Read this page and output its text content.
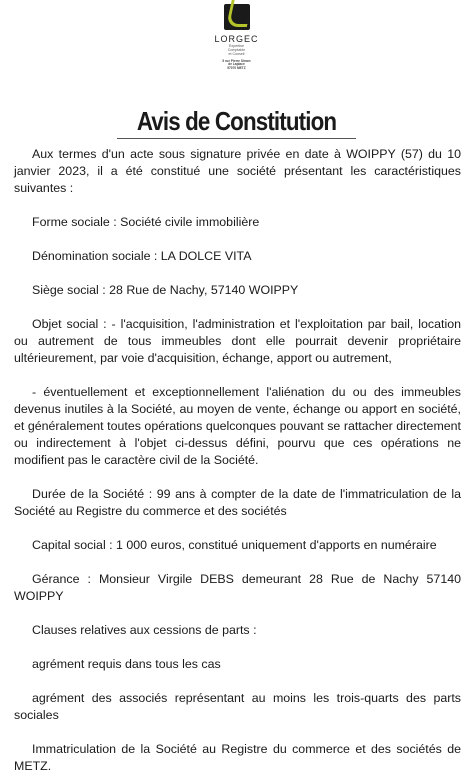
LORGEC
Expertise
Comptable
et Conseil
5 rue Pierre Simon
de Laplace
57070 METZ
Avis de Constitution

Aux termes d'un acte sous signature privée en date à WOIPPY (57) du 10 janvier 2023, il a été constitué une société présentant les caractéristiques suivantes :

Forme sociale : Société civile immobilière

Dénomination sociale : LA DOLCE VITA

Siège social : 28 Rue de Nachy, 57140 WOIPPY

Objet social : - l'acquisition, l'administration et l'exploitation par bail, location ou autrement de tous immeubles dont elle pourrait devenir propriétaire ultérieurement, par voie d'acquisition, échange, apport ou autrement,

- éventuellement et exceptionnellement l'aliénation du ou des immeubles devenus inutiles à la Société, au moyen de vente, échange ou apport en société, et généralement toutes opérations quelconques pouvant se rattacher directement ou indirectement à l'objet ci-dessus défini, pourvu que ces opérations ne modifient pas le caractère civil de la Société.

Durée de la Société : 99 ans à compter de la date de l'immatriculation de la Société au Registre du commerce et des sociétés

Capital social : 1 000 euros, constitué uniquement d'apports en numéraire

Gérance : Monsieur Virgile DEBS demeurant 28 Rue de Nachy 57140 WOIPPY

Clauses relatives aux cessions de parts :

agrément requis dans tous les cas

agrément des associés représentant au moins les trois-quarts des parts sociales

Immatriculation de la Société au Registre du commerce et des sociétés de METZ.
